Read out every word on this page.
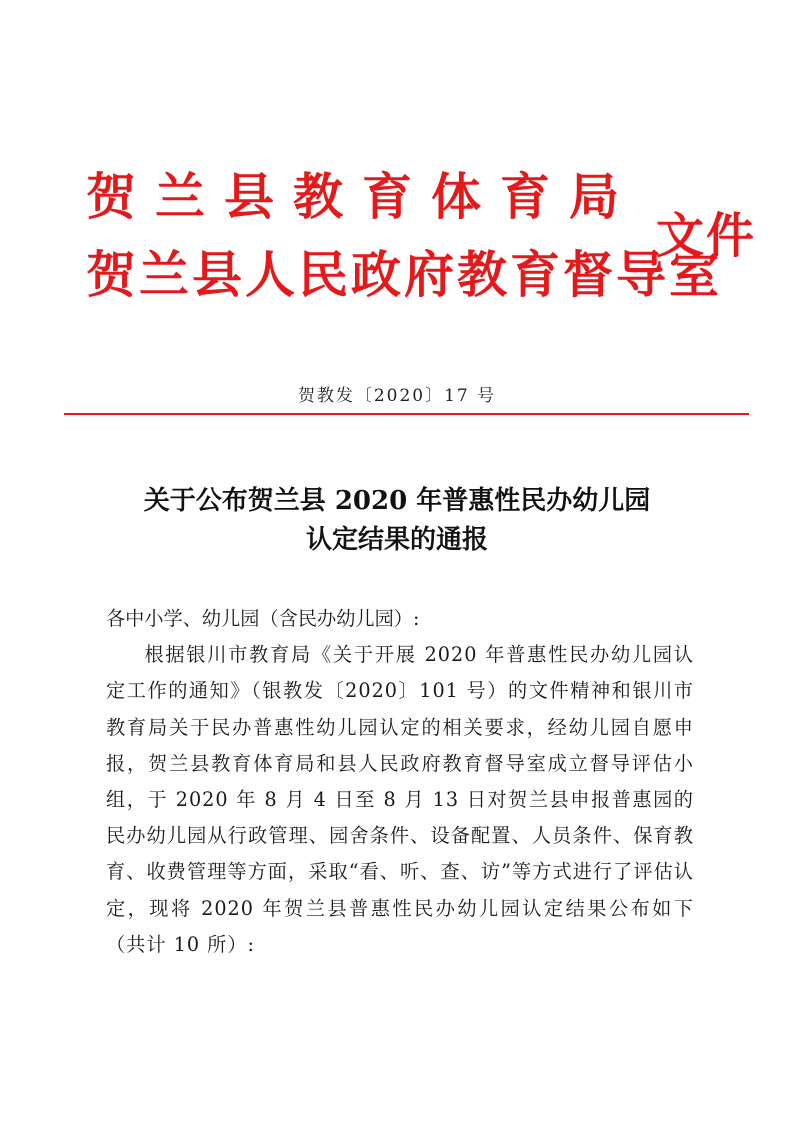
贺兰县教育体育局
贺兰县人民政府教育督导室
文件
贺教发〔2020〕17 号
关于公布贺兰县 2020 年普惠性民办幼儿园
认定结果的通报

各中小学、幼儿园（含民办幼儿园）:

根据银川市教育局《关于开展 2020 年普惠性民办幼儿园认定工作的通知》（银教发〔2020〕101 号）的文件精神和银川市教育局关于民办普惠性幼儿园认定的相关要求，经幼儿园自愿申报，贺兰县教育体育局和县人民政府教育督导室成立督导评估小组，于 2020 年 8 月 4 日至 8 月 13 日对贺兰县申报普惠园的民办幼儿园从行政管理、园舍条件、设备配置、人员条件、保育教育、收费管理等方面，采取“看、听、查、访”等方式进行了评估认定，现将 2020 年贺兰县普惠性民办幼儿园认定结果公布如下（共计 10 所）:
